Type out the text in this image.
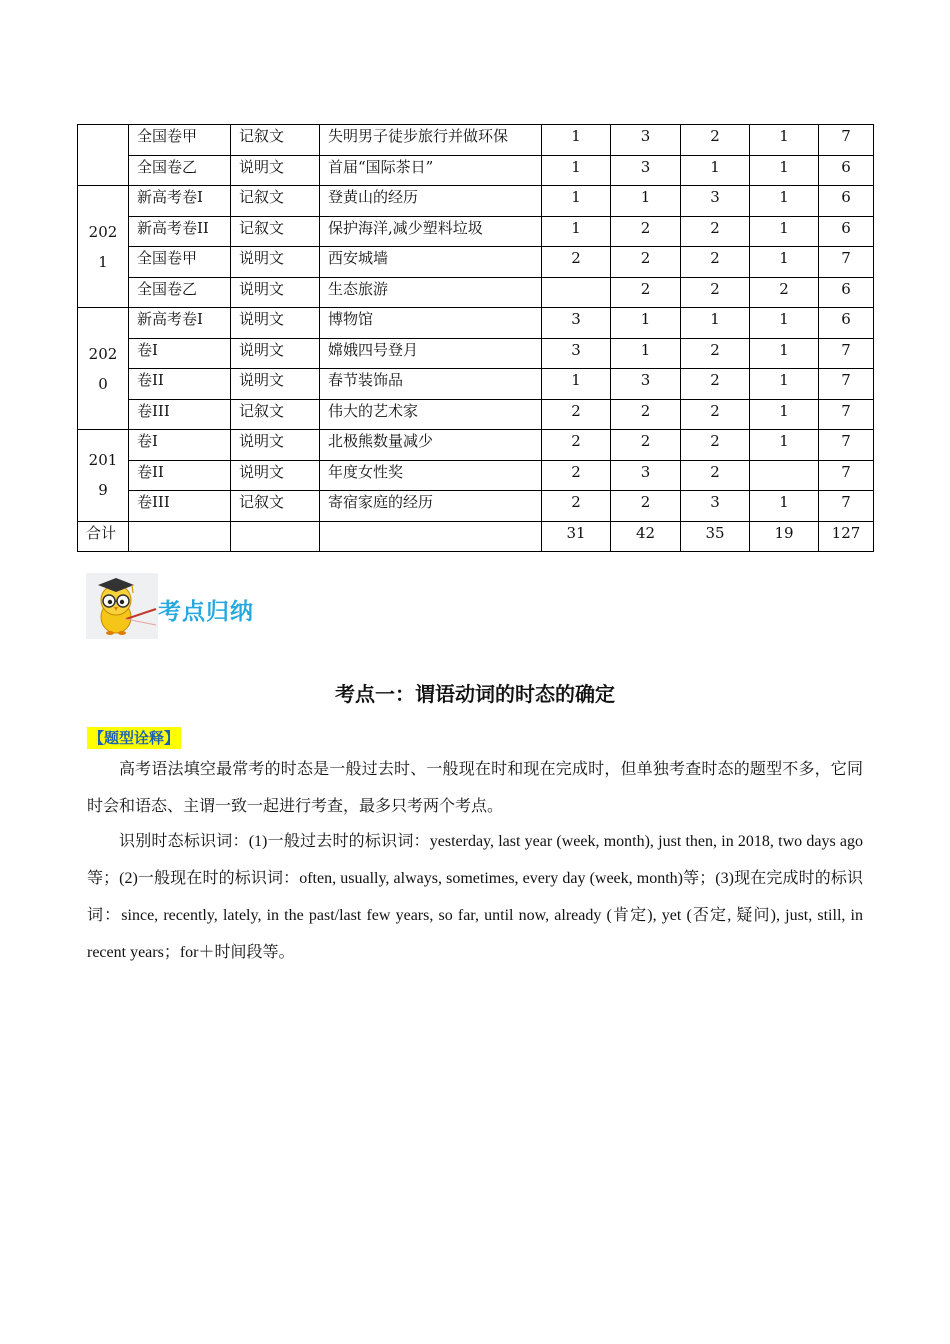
	全国卷甲	记叙文	失明男子徒步旅行并做环保	1	3	2	1	7
	全国卷乙	说明文	首届“国际茶日”	1	3	1	1	6
2021	新高考卷I	记叙文	登黄山的经历	1	1	3	1	6
	新高考卷II	记叙文	保护海洋,减少塑料垃圾	1	2	2	1	6
	全国卷甲	说明文	西安城墙	2	2	2	1	7
	全国卷乙	说明文	生态旅游		2	2	2	6
2020	新高考卷I	说明文	博物馆	3	1	1	1	6
	卷I	说明文	嫦娥四号登月	3	1	2	1	7
	卷II	说明文	春节装饰品	1	3	2	1	7
	卷III	记叙文	伟大的艺术家	2	2	2	1	7
2019	卷I	说明文	北极熊数量减少	2	2	2	1	7
	卷II	说明文	年度女性奖	2	3	2		7
	卷III	记叙文	寄宿家庭的经历	2	2	3	1	7
合计				31	42	35	19	127
考点归纳
考点一：谓语动词的时态的确定
【题型诠释】
高考语法填空最常考的时态是一般过去时、一般现在时和现在完成时，但单独考查时态的题型不多，它同时会和语态、主谓一致一起进行考查，最多只考两个考点。
识别时态标识词：(1)一般过去时的标识词：yesterday, last year (week, month), just then, in 2018, two days ago 等；(2)一般现在时的标识词：often, usually, always, sometimes, every day (week, month)等；(3)现在完成时的标识词：since, recently, lately, in the past/last few years, so far, until now, already (肯定), yet (否定, 疑问), just, still, in recent years；for＋时间段等。
